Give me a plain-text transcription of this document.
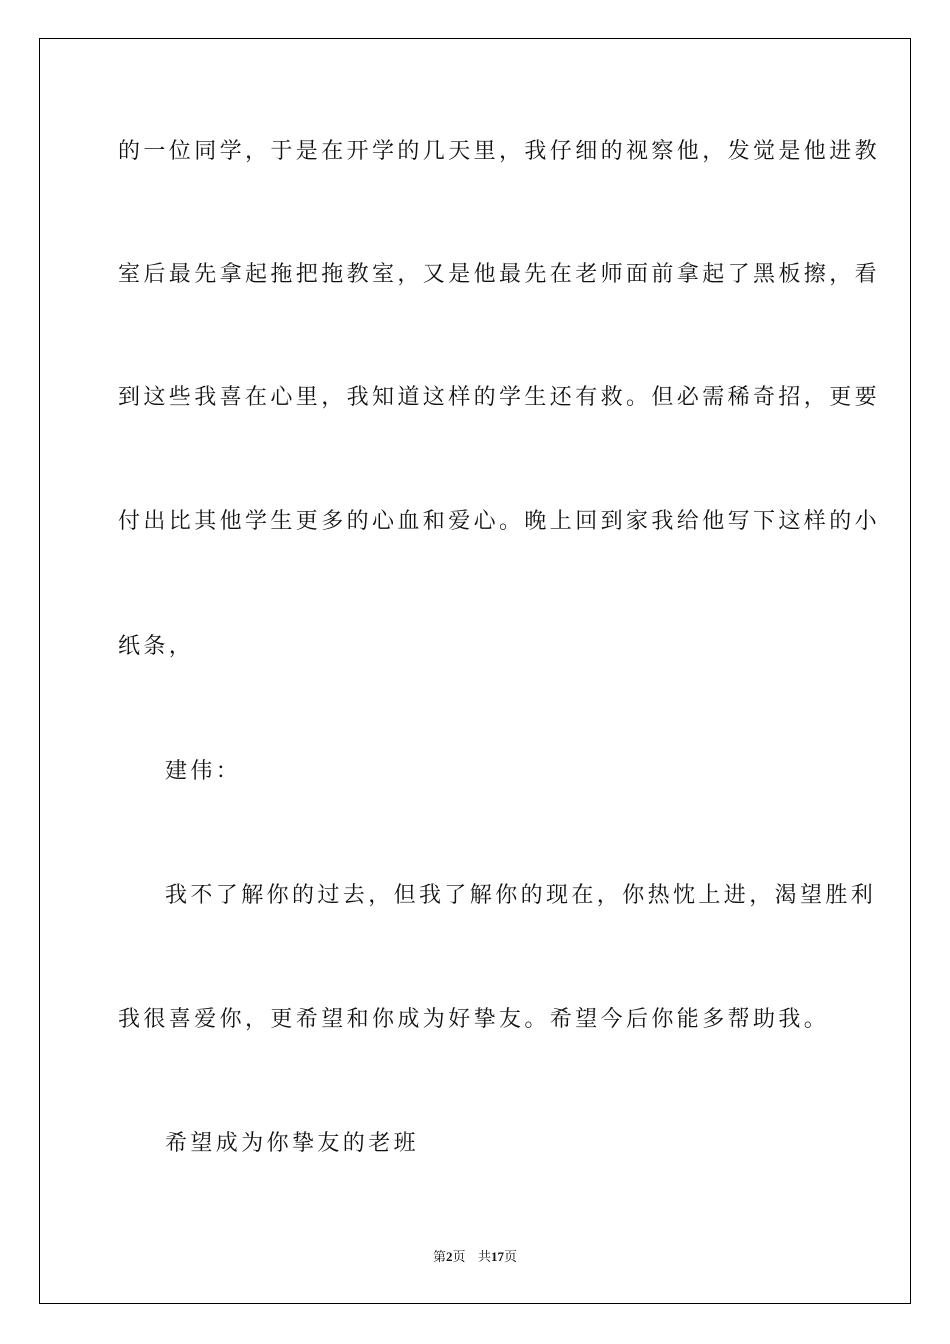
的一位同学，于是在开学的几天里，我仔细的视察他，发觉是他进教
室后最先拿起拖把拖教室，又是他最先在老师面前拿起了黑板擦，看
到这些我喜在心里，我知道这样的学生还有救。但必需稀奇招，更要
付出比其他学生更多的心血和爱心。晚上回到家我给他写下这样的小
纸条，
建伟：
我不了解你的过去，但我了解你的现在，你热忱上进，渴望胜利
我很喜爱你，更希望和你成为好挚友。希望今后你能多帮助我。
希望成为你挚友的老班
第2页 共17页
